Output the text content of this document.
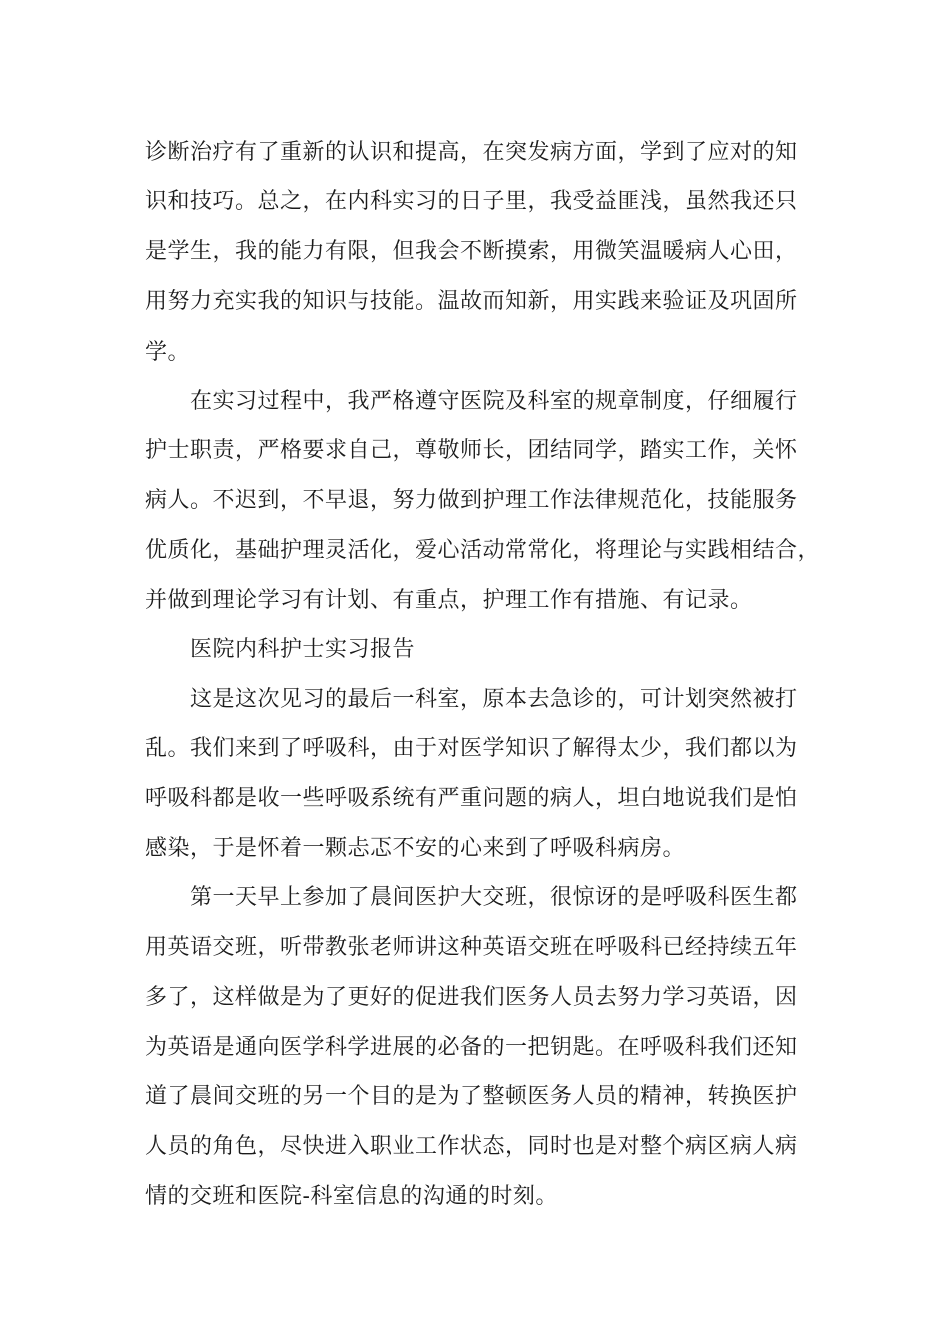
诊断治疗有了重新的认识和提高，在突发病方面，学到了应对的知
识和技巧。总之，在内科实习的日子里，我受益匪浅，虽然我还只
是学生，我的能力有限，但我会不断摸索，用微笑温暖病人心田，
用努力充实我的知识与技能。温故而知新，用实践来验证及巩固所
学。
在实习过程中，我严格遵守医院及科室的规章制度，仔细履行
护士职责，严格要求自己，尊敬师长，团结同学，踏实工作，关怀
病人。不迟到，不早退，努力做到护理工作法律规范化，技能服务
优质化，基础护理灵活化，爱心活动常常化，将理论与实践相结合，
并做到理论学习有计划、有重点，护理工作有措施、有记录。
医院内科护士实习报告
这是这次见习的最后一科室，原本去急诊的，可计划突然被打
乱。我们来到了呼吸科，由于对医学知识了解得太少，我们都以为
呼吸科都是收一些呼吸系统有严重问题的病人，坦白地说我们是怕
感染，于是怀着一颗忐忑不安的心来到了呼吸科病房。
第一天早上参加了晨间医护大交班，很惊讶的是呼吸科医生都
用英语交班，听带教张老师讲这种英语交班在呼吸科已经持续五年
多了，这样做是为了更好的促进我们医务人员去努力学习英语，因
为英语是通向医学科学进展的必备的一把钥匙。在呼吸科我们还知
道了晨间交班的另一个目的是为了整顿医务人员的精神，转换医护
人员的角色，尽快进入职业工作状态，同时也是对整个病区病人病
情的交班和医院-科室信息的沟通的时刻。
